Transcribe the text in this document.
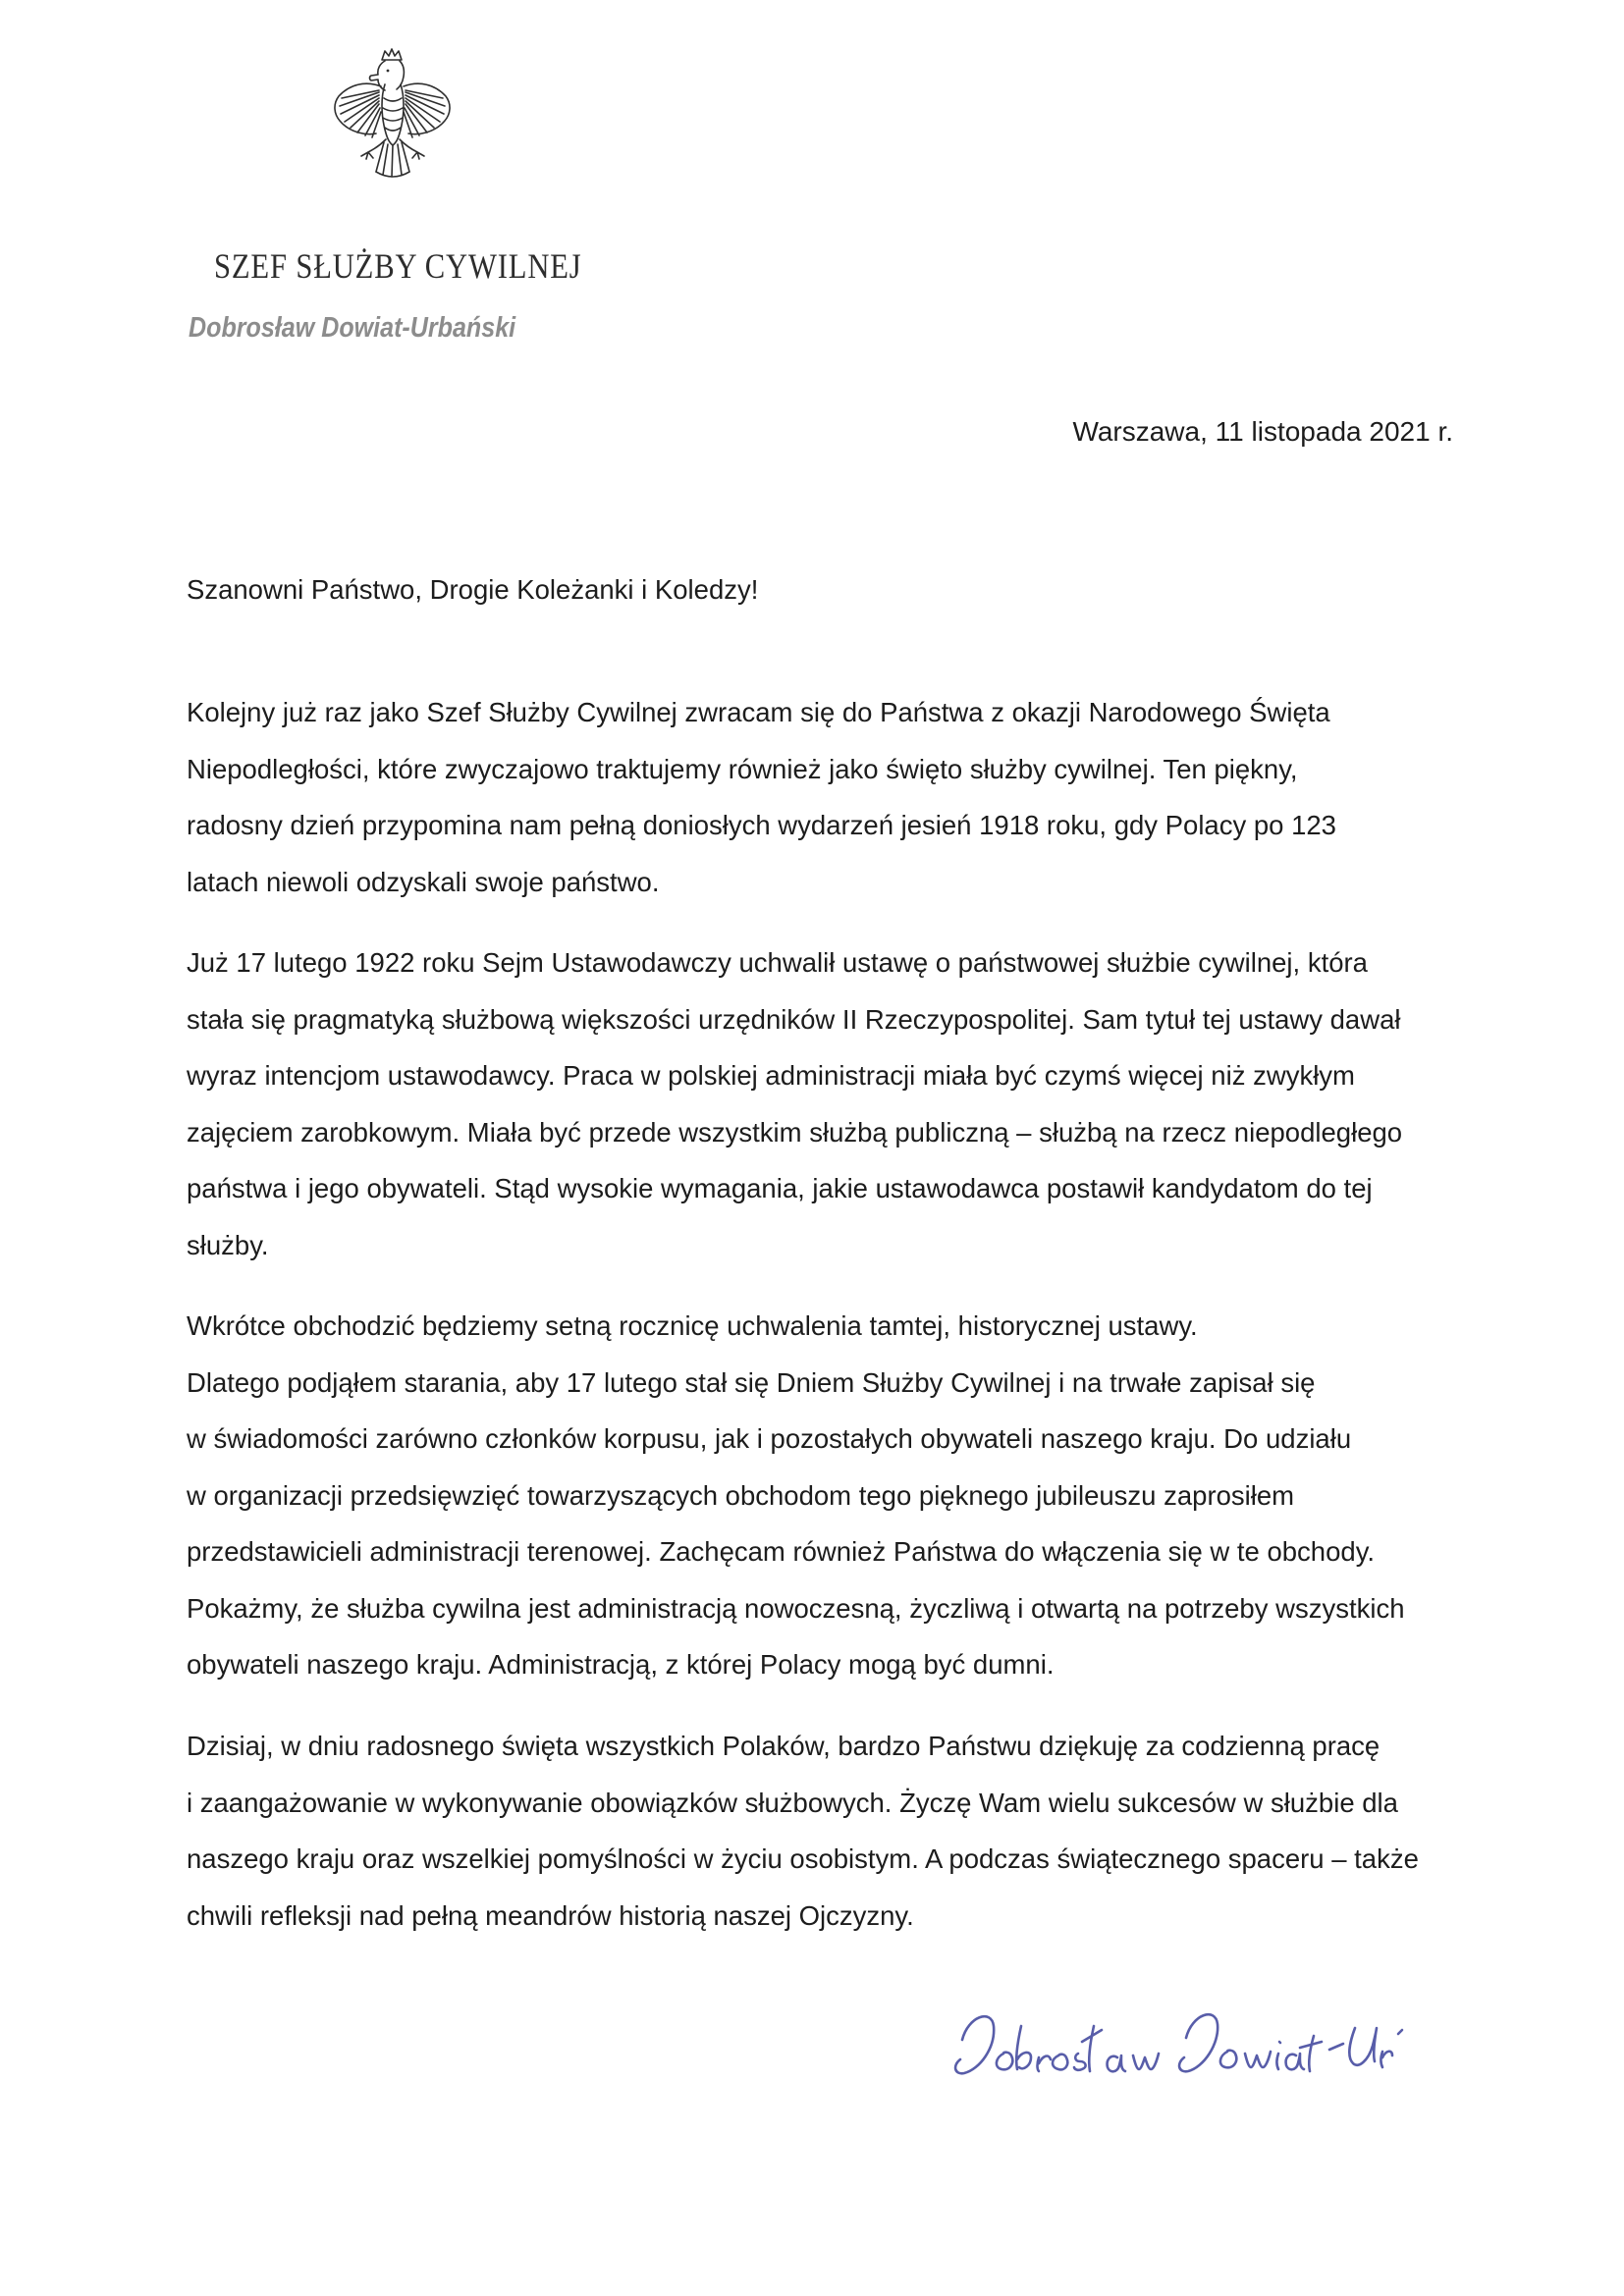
SZEF SŁUŻBY CYWILNEJ
Dobrosław Dowiat-Urbański
Warszawa, 11 listopada 2021 r.
Szanowni Państwo, Drogie Koleżanki i Koledzy!
Kolejny już raz jako Szef Służby Cywilnej zwracam się do Państwa z okazji Narodowego Święta
Niepodległości, które zwyczajowo traktujemy również jako święto służby cywilnej. Ten piękny,
radosny dzień przypomina nam pełną doniosłych wydarzeń jesień 1918 roku, gdy Polacy po 123
latach niewoli odzyskali swoje państwo.
Już 17 lutego 1922 roku Sejm Ustawodawczy uchwalił ustawę o państwowej służbie cywilnej, która
stała się pragmatyką służbową większości urzędników II Rzeczypospolitej. Sam tytuł tej ustawy dawał
wyraz intencjom ustawodawcy. Praca w polskiej administracji miała być czymś więcej niż zwykłym
zajęciem zarobkowym. Miała być przede wszystkim służbą publiczną – służbą na rzecz niepodległego
państwa i jego obywateli. Stąd wysokie wymagania, jakie ustawodawca postawił kandydatom do tej
służby.
Wkrótce obchodzić będziemy setną rocznicę uchwalenia tamtej, historycznej ustawy.
Dlatego podjąłem starania, aby 17 lutego stał się Dniem Służby Cywilnej i na trwałe zapisał się
w świadomości zarówno członków korpusu, jak i pozostałych obywateli naszego kraju. Do udziału
w organizacji przedsięwzięć towarzyszących obchodom tego pięknego jubileuszu zaprosiłem
przedstawicieli administracji terenowej. Zachęcam również Państwa do włączenia się w te obchody.
Pokażmy, że służba cywilna jest administracją nowoczesną, życzliwą i otwartą na potrzeby wszystkich
obywateli naszego kraju. Administracją, z której Polacy mogą być dumni.
Dzisiaj, w dniu radosnego święta wszystkich Polaków, bardzo Państwu dziękuję za codzienną pracę
i zaangażowanie w wykonywanie obowiązków służbowych. Życzę Wam wielu sukcesów w służbie dla
naszego kraju oraz wszelkiej pomyślności w życiu osobistym. A podczas świątecznego spaceru – także
chwili refleksji nad pełną meandrów historią naszej Ojczyzny.
